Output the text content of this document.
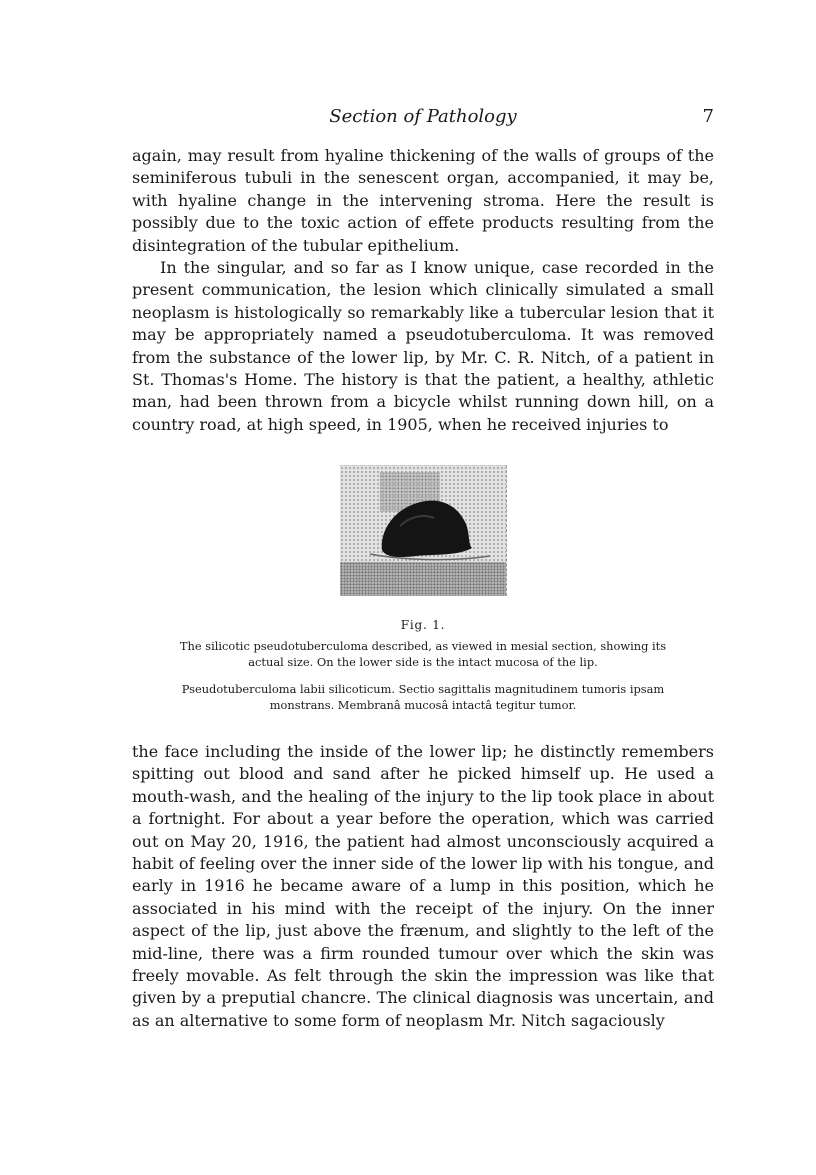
Section of Pathology	7

again, may result from hyaline thickening of the walls of groups of the seminiferous tubuli in the senescent organ, accompanied, it may be, with hyaline change in the intervening stroma. Here the result is possibly due to the toxic action of effete products resulting from the disintegration of the tubular epithelium.

In the singular, and so far as I know unique, case recorded in the present communication, the lesion which clinically simulated a small neoplasm is histologically so remarkably like a tubercular lesion that it may be appropriately named a pseudotuberculoma. It was removed from the substance of the lower lip, by Mr. C. R. Nitch, of a patient in St. Thomas's Home. The history is that the patient, a healthy, athletic man, had been thrown from a bicycle whilst running down hill, on a country road, at high speed, in 1905, when he received injuries to

Fig. 1.

The silicotic pseudotuberculoma described, as viewed in mesial section, showing its actual size. On the lower side is the intact mucosa of the lip.

Pseudotuberculoma labii silicoticum. Sectio sagittalis magnitudinem tumoris ipsam monstrans. Membranâ mucosâ intactâ tegitur tumor.

the face including the inside of the lower lip; he distinctly remembers spitting out blood and sand after he picked himself up. He used a mouth-wash, and the healing of the injury to the lip took place in about a fortnight. For about a year before the operation, which was carried out on May 20, 1916, the patient had almost unconsciously acquired a habit of feeling over the inner side of the lower lip with his tongue, and early in 1916 he became aware of a lump in this position, which he associated in his mind with the receipt of the injury. On the inner aspect of the lip, just above the frænum, and slightly to the left of the mid-line, there was a firm rounded tumour over which the skin was freely movable. As felt through the skin the impression was like that given by a preputial chancre. The clinical diagnosis was uncertain, and as an alternative to some form of neoplasm Mr. Nitch sagaciously
